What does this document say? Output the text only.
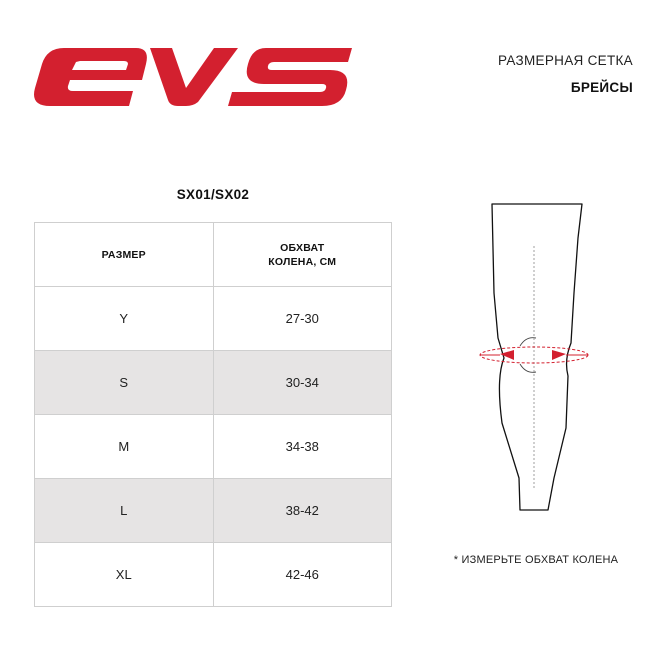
РАЗМЕРНАЯ СЕТКА
БРЕЙСЫ
SX01/SX02
РАЗМЕР	ОБХВАТ КОЛЕНА, СМ
Y	27-30
S	30-34
M	34-38
L	38-42
XL	42-46
* ИЗМЕРЬТЕ ОБХВАТ КОЛЕНА
